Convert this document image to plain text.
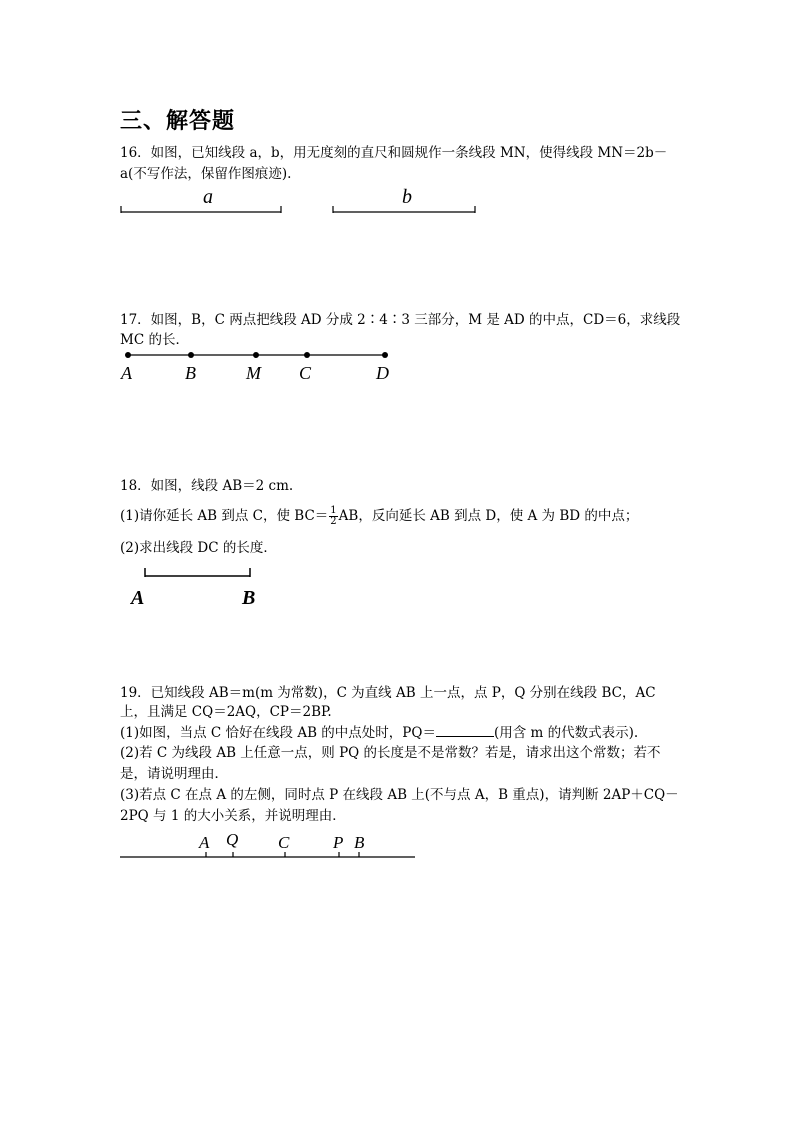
三、解答题
16．如图，已知线段 a，b，用无度刻的直尺和圆规作一条线段 MN，使得线段 MN＝2b－
a(不写作法，保留作图痕迹).
a	b
17．如图，B，C 两点把线段 AD 分成 2∶4∶3 三部分，M 是 AD 的中点，CD＝6，求线段
MC 的长．
A	B	M C	D
18．如图，线段 AB＝2 cm.
(1)请你延长 AB 到点 C，使 $BC= \frac{1}{2}$ AB，反向延长 AB 到点 D，使 A 为 BD 的中点；
(2)求出线段 DC 的长度．
A	B
19．已知线段 AB＝m(m 为常数)，C 为直线 AB 上一点，点 P，Q 分别在线段 BC，AC
上，且满足 CQ＝2AQ，CP＝2BP.
(1)如图，当点 C 恰好在线段 AB 的中点处时，PQ＝	(用含 m 的代数式表示).
(2)若 C 为线段 AB 上任意一点，则 PQ 的长度是不是常数？若是，请求出这个常数；若不
是，请说明理由．
(3)若点 C 在点 A 的左侧，同时点 P 在线段 AB 上(不与点 A，B 重点)，请判断 2AP＋CQ－
2PQ 与 1 的大小关系，并说明理由．
A Q C	P B
